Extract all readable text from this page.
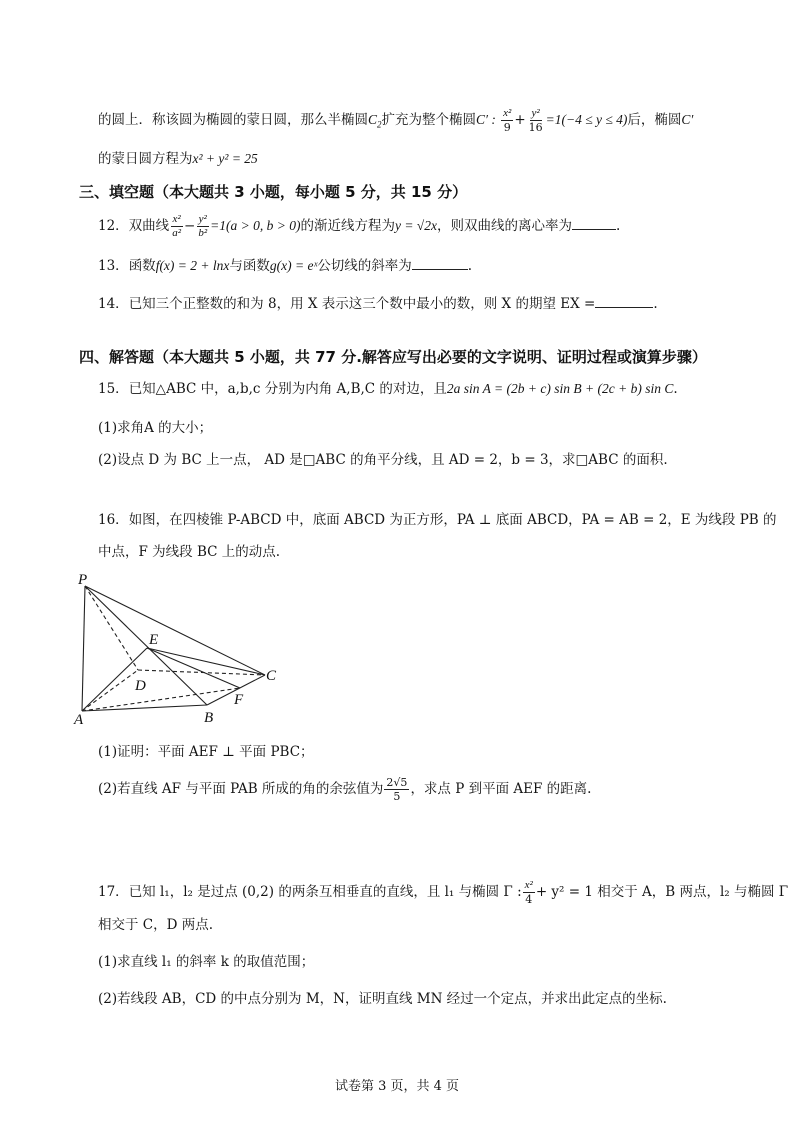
的圆上．称该圆为椭圆的蒙日圆，那么半椭圆$C_2$扩充为整个椭圆C′ : $\frac{\text{x²}}{9} + \frac{\text{y²}}{16} =1(-4 \le y \le 4)$后，椭圆C′
的蒙日圆方程为x² + y² = 25
三、填空题（本大题共 3 小题，每小题 5 分，共 15 分）
12．双曲线 $\frac{\text{x²}}{\text{a²}} - \frac{\text{y²}}{\text{b²}} =1(a > 0$, b > 0)的渐近线方程为y = √2x，则双曲线的离心率为	.
13．函数f(x) = 2 + lnx与函数g(x) = eˣ公切线的斜率为	.
14．已知三个正整数的和为 8，用 X 表示这三个数中最小的数，则 X 的期望 EX =	.
四、解答题（本大题共 5 小题，共 77 分.解答应写出必要的文字说明、证明过程或演算步骤）
15．已知△ABC 中，a,b,c 分别为内角 A,B,C 的对边，且2a sin A = (2b + c) sin B + (2c + b) sin C.
(1)求角A 的大小；
(2)设点 D 为 BC 上一点， AD 是□ABC 的角平分线，且 AD = 2，b = 3，求□ABC 的面积.
16．如图，在四棱锥 P-ABCD 中，底面 ABCD 为正方形，PA ⊥ 底面 ABCD，PA = AB = 2，E 为线段 PB 的
中点，F 为线段 BC 上的动点.
P
E
D
C
F
A	B
(1)证明：平面 AEF ⊥ 平面 PBC；
(2)若直线 AF 与平面 PAB 所成的角的余弦值为 $\frac{2√5}{5}$ ，求点 P 到平面 AEF 的距离.
17．已知 l₁，l₂ 是过点 (0,2) 的两条互相垂直的直线，且 l₁ 与椭圆 Γ : $\frac{\text{x²}}{4} + y^2 = 1$ 相交于 A，B 两点，l₂ 与椭圆 Γ
相交于 C，D 两点.
(1)求直线 l₁ 的斜率 k 的取值范围；
(2)若线段 AB，CD 的中点分别为 M，N，证明直线 MN 经过一个定点，并求出此定点的坐标.
试卷第 3 页，共 4 页
